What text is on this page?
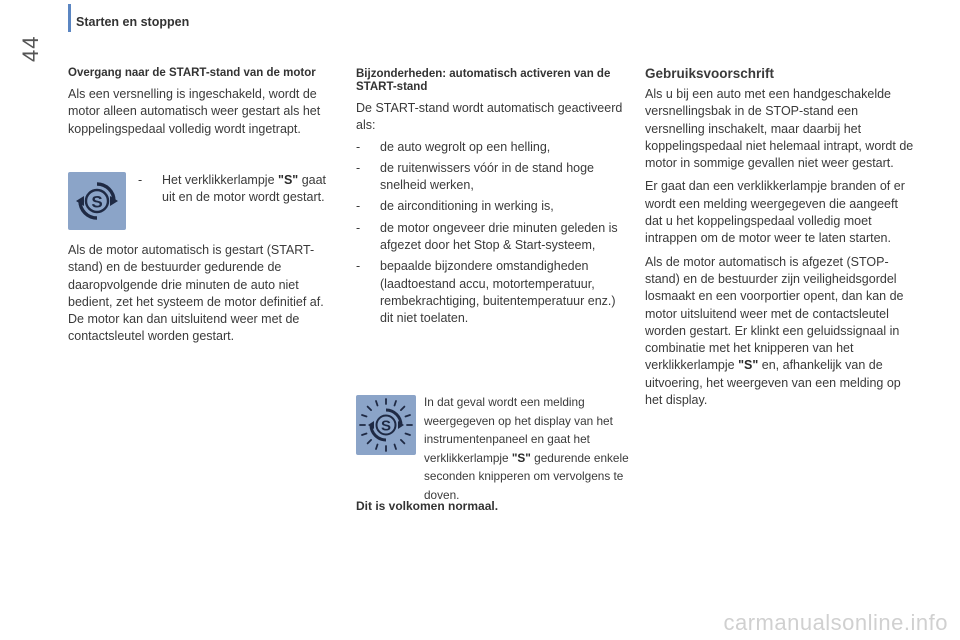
44
Starten en stoppen
Overgang naar de START-stand van de motor

Als een versnelling is ingeschakeld, wordt de motor alleen automatisch weer gestart als het koppelingspedaal volledig wordt ingetrapt.

S
- Het verklikkerlampje "S" gaat uit en de motor wordt gestart.

Als de motor automatisch is gestart (START-stand) en de bestuurder gedurende de daaropvolgende drie minuten de auto niet bedient, zet het systeem de motor definitief af. De motor kan dan uitsluitend weer met de contactsleutel worden gestart.

Bijzonderheden: automatisch activeren van de START-stand

De START-stand wordt automatisch geactiveerd als:

- de auto wegrolt op een helling,
- de ruitenwissers vóór in de stand hoge snelheid werken,
- de airconditioning in werking is,
- de motor ongeveer drie minuten geleden is afgezet door het Stop & Start-systeem,
- bepaalde bijzondere omstandigheden (laadtoestand accu, motortemperatuur, rembekrachtiging, buitentemperatuur enz.) dit niet toelaten.
S

In dat geval wordt een melding weergegeven op het display van het instrumentenpaneel en gaat het verklikkerlampje "S" gedurende enkele seconden knipperen om vervolgens te doven.

Dit is volkomen normaal.
Gebruiksvoorschrift

Als u bij een auto met een handgeschakelde versnellingsbak in de STOP-stand een versnelling inschakelt, maar daarbij het koppelingspedaal niet helemaal intrapt, wordt de motor in sommige gevallen niet weer gestart.

Er gaat dan een verklikkerlampje branden of er wordt een melding weergegeven die aangeeft dat u het koppelingspedaal volledig moet intrappen om de motor weer te laten starten.

Als de motor automatisch is afgezet (STOP-stand) en de bestuurder zijn veiligheidsgordel losmaakt en een voorportier opent, dan kan de motor uitsluitend weer met de contactsleutel worden gestart. Er klinkt een geluidssignaal in combinatie met het knipperen van het verklikkerlampje "S" en, afhankelijk van de uitvoering, het weergeven van een melding op het display.

carmanualsonline.info
